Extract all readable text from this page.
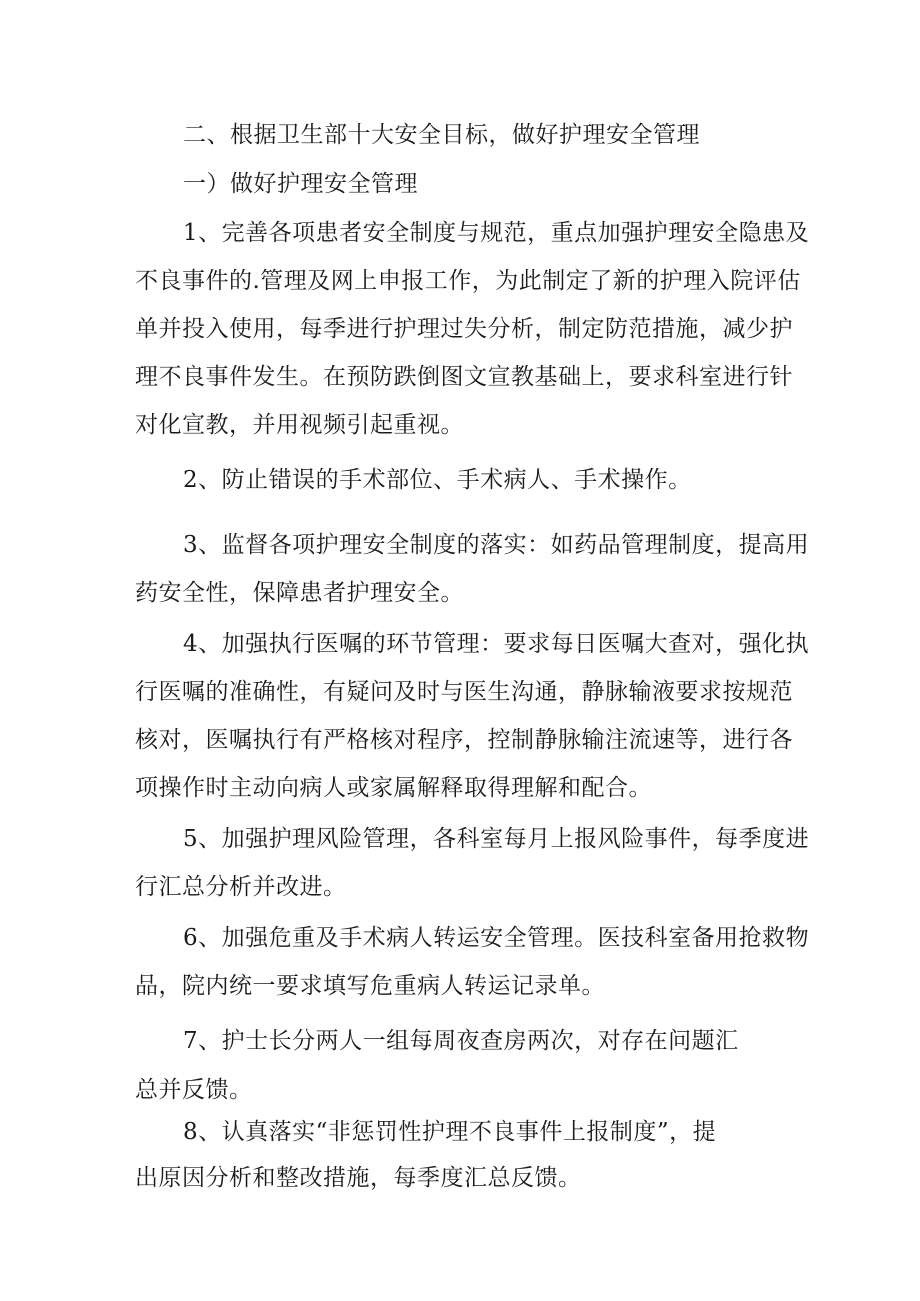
二、根据卫生部十大安全目标，做好护理安全管理
一）做好护理安全管理
1、完善各项患者安全制度与规范，重点加强护理安全隐患及
不良事件的.管理及网上申报工作，为此制定了新的护理入院评估
单并投入使用，每季进行护理过失分析，制定防范措施，减少护
理不良事件发生。在预防跌倒图文宣教基础上，要求科室进行针
对化宣教，并用视频引起重视。
2、防止错误的手术部位、手术病人、手术操作。
3、监督各项护理安全制度的落实：如药品管理制度，提高用
药安全性，保障患者护理安全。
4、加强执行医嘱的环节管理：要求每日医嘱大查对，强化执
行医嘱的准确性，有疑问及时与医生沟通，静脉输液要求按规范
核对，医嘱执行有严格核对程序，控制静脉输注流速等，进行各
项操作时主动向病人或家属解释取得理解和配合。
5、加强护理风险管理，各科室每月上报风险事件，每季度进
行汇总分析并改进。
6、加强危重及手术病人转运安全管理。医技科室备用抢救物
品，院内统一要求填写危重病人转运记录单。
7、护士长分两人一组每周夜查房两次，对存在问题汇
总并反馈。
8、认真落实“非惩罚性护理不良事件上报制度”，提
出原因分析和整改措施，每季度汇总反馈。
